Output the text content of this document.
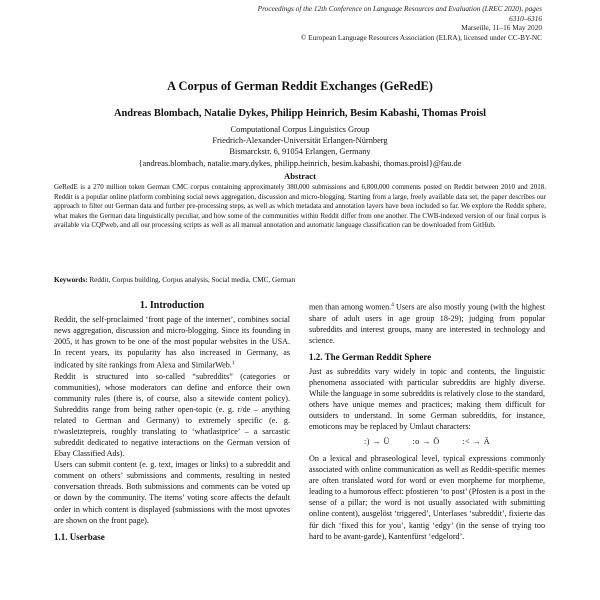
Proceedings of the 12th Conference on Language Resources and Evaluation (LREC 2020), pages 6310–6316
Marseille, 11–16 May 2020
© European Language Resources Association (ELRA), licensed under CC-BY-NC
A Corpus of German Reddit Exchanges (GeRedE)
Andreas Blombach, Natalie Dykes, Philipp Heinrich, Besim Kabashi, Thomas Proisl
Computational Corpus Linguistics Group
Friedrich-Alexander-Universität Erlangen-Nürnberg
Bismarckstr. 6, 91054 Erlangen, Germany
{andreas.blombach, natalie.mary.dykes, philipp.heinrich, besim.kabashi, thomas.proisl}@fau.de
Abstract
GeRedE is a 270 million token German CMC corpus containing approximately 380,000 submissions and 6,800,000 comments posted on Reddit between 2010 and 2018. Reddit is a popular online platform combining social news aggregation, discussion and micro-blogging. Starting from a large, freely available data set, the paper describes our approach to filter out German data and further pre-processing steps, as well as which metadata and annotation layers have been included so far. We explore the Reddit sphere, what makes the German data linguistically peculiar, and how some of the communities within Reddit differ from one another. The CWB-indexed version of our final corpus is available via CQPweb, and all our processing scripts as well as all manual annotation and automatic language classification can be downloaded from GitHub.
Keywords: Reddit, Corpus building, Corpus analysis, Social media, CMC, German
1. Introduction

Reddit, the self-proclaimed ‘front page of the internet’, combines social news aggregation, discussion and micro-blogging. Since its founding in 2005, it has grown to be one of the most popular websites in the USA. In recent years, its popularity has also increased in Germany, as indicated by site rankings from Alexa and SimilarWeb.$^1$

Reddit is structured into so-called “subreddits” (categories or communities), whose moderators can define and enforce their own community rules (there is, of course, also a sitewide content policy). Subreddits range from being rather open-topic (e. g. r/de – anything related to German and Germany) to extremely specific (e. g. r/wasletztepreis, roughly translating to ‘whatlastprice’ – a sarcastic subreddit dedicated to negative interactions on the German version of Ebay Classified Ads).

Users can submit content (e. g. text, images or links) to a subreddit and comment on others’ submissions and comments, resulting in nested conversation threads. Both submissions and comments can be voted up or down by the community. The items’ voting score affects the default order in which content is displayed (submissions with the most upvotes are shown on the front page).

1.1. Userbase

men than among women.$^4$ Users are also mostly young (with the highest share of adult users in age group 18-29); judging from popular subreddits and interest groups, many are interested in technology and science.

1.2. The German Reddit Sphere

Just as subreddits vary widely in topic and contents, the linguistic phenomena associated with particular subreddits are highly diverse. While the language in some subreddits is relatively close to the standard, others have unique memes and practices; making them difficult for outsiders to understand. In some German subreddits, for instance, emoticons may be replaced by Umlaut characters:

:) → Ü	:o → Ö	:< → Ä

On a lexical and phraseological level, typical expressions commonly associated with online communication as well as Reddit-specific memes are often translated word for word or even morpheme for morpheme, leading to a humorous effect: pfostieren ‘to post’ (Pfosten is a post in the sense of a pillar; the word is not usually associated with submitting online content), ausgelöst ‘triggered’, Unterlases ‘subreddit’, fixierte das für dich ‘fixed this for you’, kantig ‘edgy’ (in the sense of trying too hard to be avant-garde), Kantenfürst ‘edgelord’.
